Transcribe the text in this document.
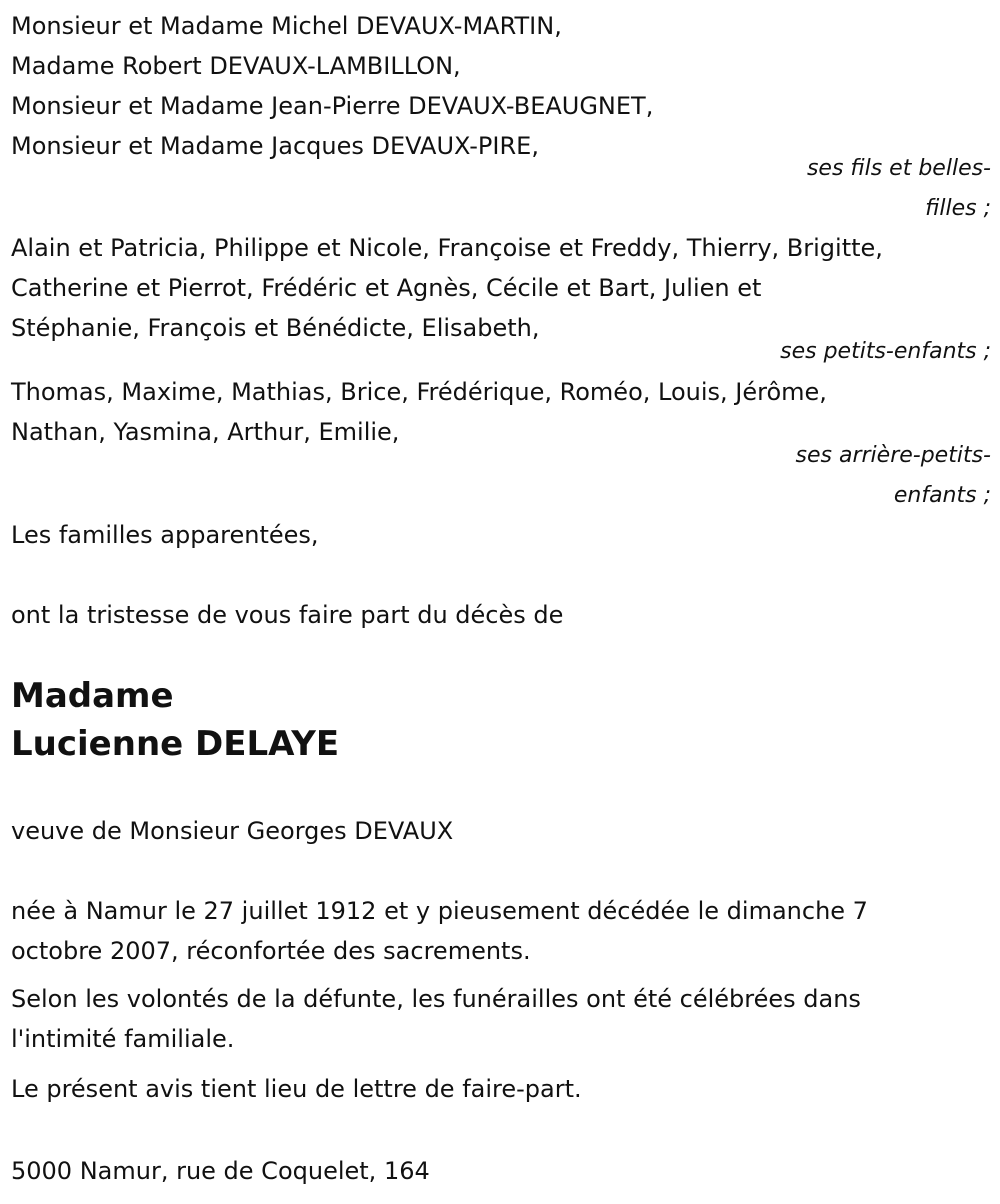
Monsieur et Madame Michel DEVAUX-MARTIN,
Madame Robert DEVAUX-LAMBILLON,
Monsieur et Madame Jean-Pierre DEVAUX-BEAUGNET,
Monsieur et Madame Jacques DEVAUX-PIRE,
ses fils et belles-
filles ;
Alain et Patricia, Philippe et Nicole, Françoise et Freddy, Thierry, Brigitte,
Catherine et Pierrot, Frédéric et Agnès, Cécile et Bart, Julien et
Stéphanie, François et Bénédicte, Elisabeth,
ses petits-enfants ;
Thomas, Maxime, Mathias, Brice, Frédérique, Roméo, Louis, Jérôme,
Nathan, Yasmina, Arthur, Emilie,
ses arrière-petits-
enfants ;
Les familles apparentées,
ont la tristesse de vous faire part du décès de
Madame
Lucienne DELAYE
veuve de Monsieur Georges DEVAUX
née à Namur le 27 juillet 1912 et y pieusement décédée le dimanche 7
octobre 2007, réconfortée des sacrements.
Selon les volontés de la défunte, les funérailles ont été célébrées dans
l'intimité familiale.
Le présent avis tient lieu de lettre de faire-part.
5000 Namur, rue de Coquelet, 164
